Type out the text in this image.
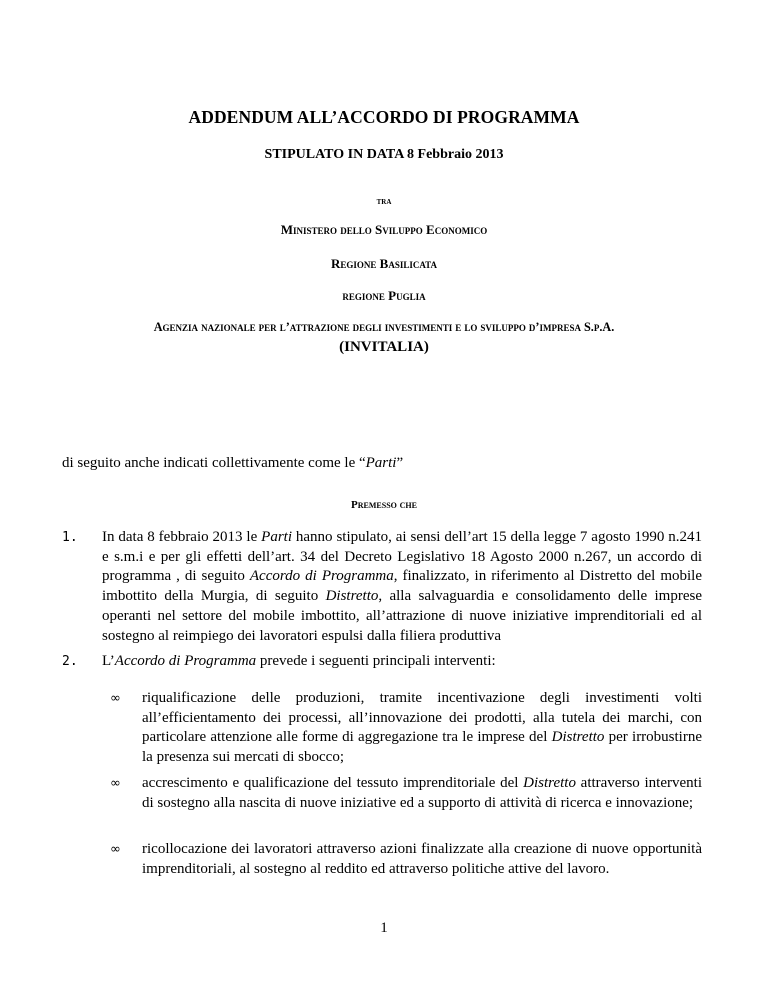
ADDENDUM ALL’ACCORDO DI PROGRAMMA
STIPULATO IN DATA 8 Febbraio 2013
tra
Ministero dello Sviluppo Economico
Regione Basilicata
regione Puglia
Agenzia nazionale per l’attrazione degli investimenti e lo sviluppo d’impresa S.p.A.
(INVITALIA)
di seguito anche indicati collettivamente come le “Parti”
Premesso che
1. In data 8 febbraio 2013 le Parti hanno stipulato, ai sensi dell’art 15 della legge 7 agosto 1990 n.241 e s.m.i e per gli effetti dell’art. 34 del Decreto Legislativo 18 Agosto 2000 n.267, un accordo di programma , di seguito Accordo di Programma, finalizzato, in riferimento al Distretto del mobile imbottito della Murgia, di seguito Distretto, alla salvaguardia e consolidamento delle imprese operanti nel settore del mobile imbottito, all’attrazione di nuove iniziative imprenditoriali ed al sostegno al reimpiego dei lavoratori espulsi dalla filiera produttiva
2. L’Accordo di Programma prevede i seguenti principali interventi:
∞ riqualificazione delle produzioni, tramite incentivazione degli investimenti volti all’efficientamento dei processi, all’innovazione dei prodotti, alla tutela dei marchi, con particolare attenzione alle forme di aggregazione tra le imprese del Distretto per irrobustirne la presenza sui mercati di sbocco;
∞ accrescimento e qualificazione del tessuto imprenditoriale del Distretto attraverso interventi di sostegno alla nascita di nuove iniziative ed a supporto di attività di ricerca e innovazione;
∞ ricollocazione dei lavoratori attraverso azioni finalizzate alla creazione di nuove opportunità imprenditoriali, al sostegno al reddito ed attraverso politiche attive del lavoro.
1
